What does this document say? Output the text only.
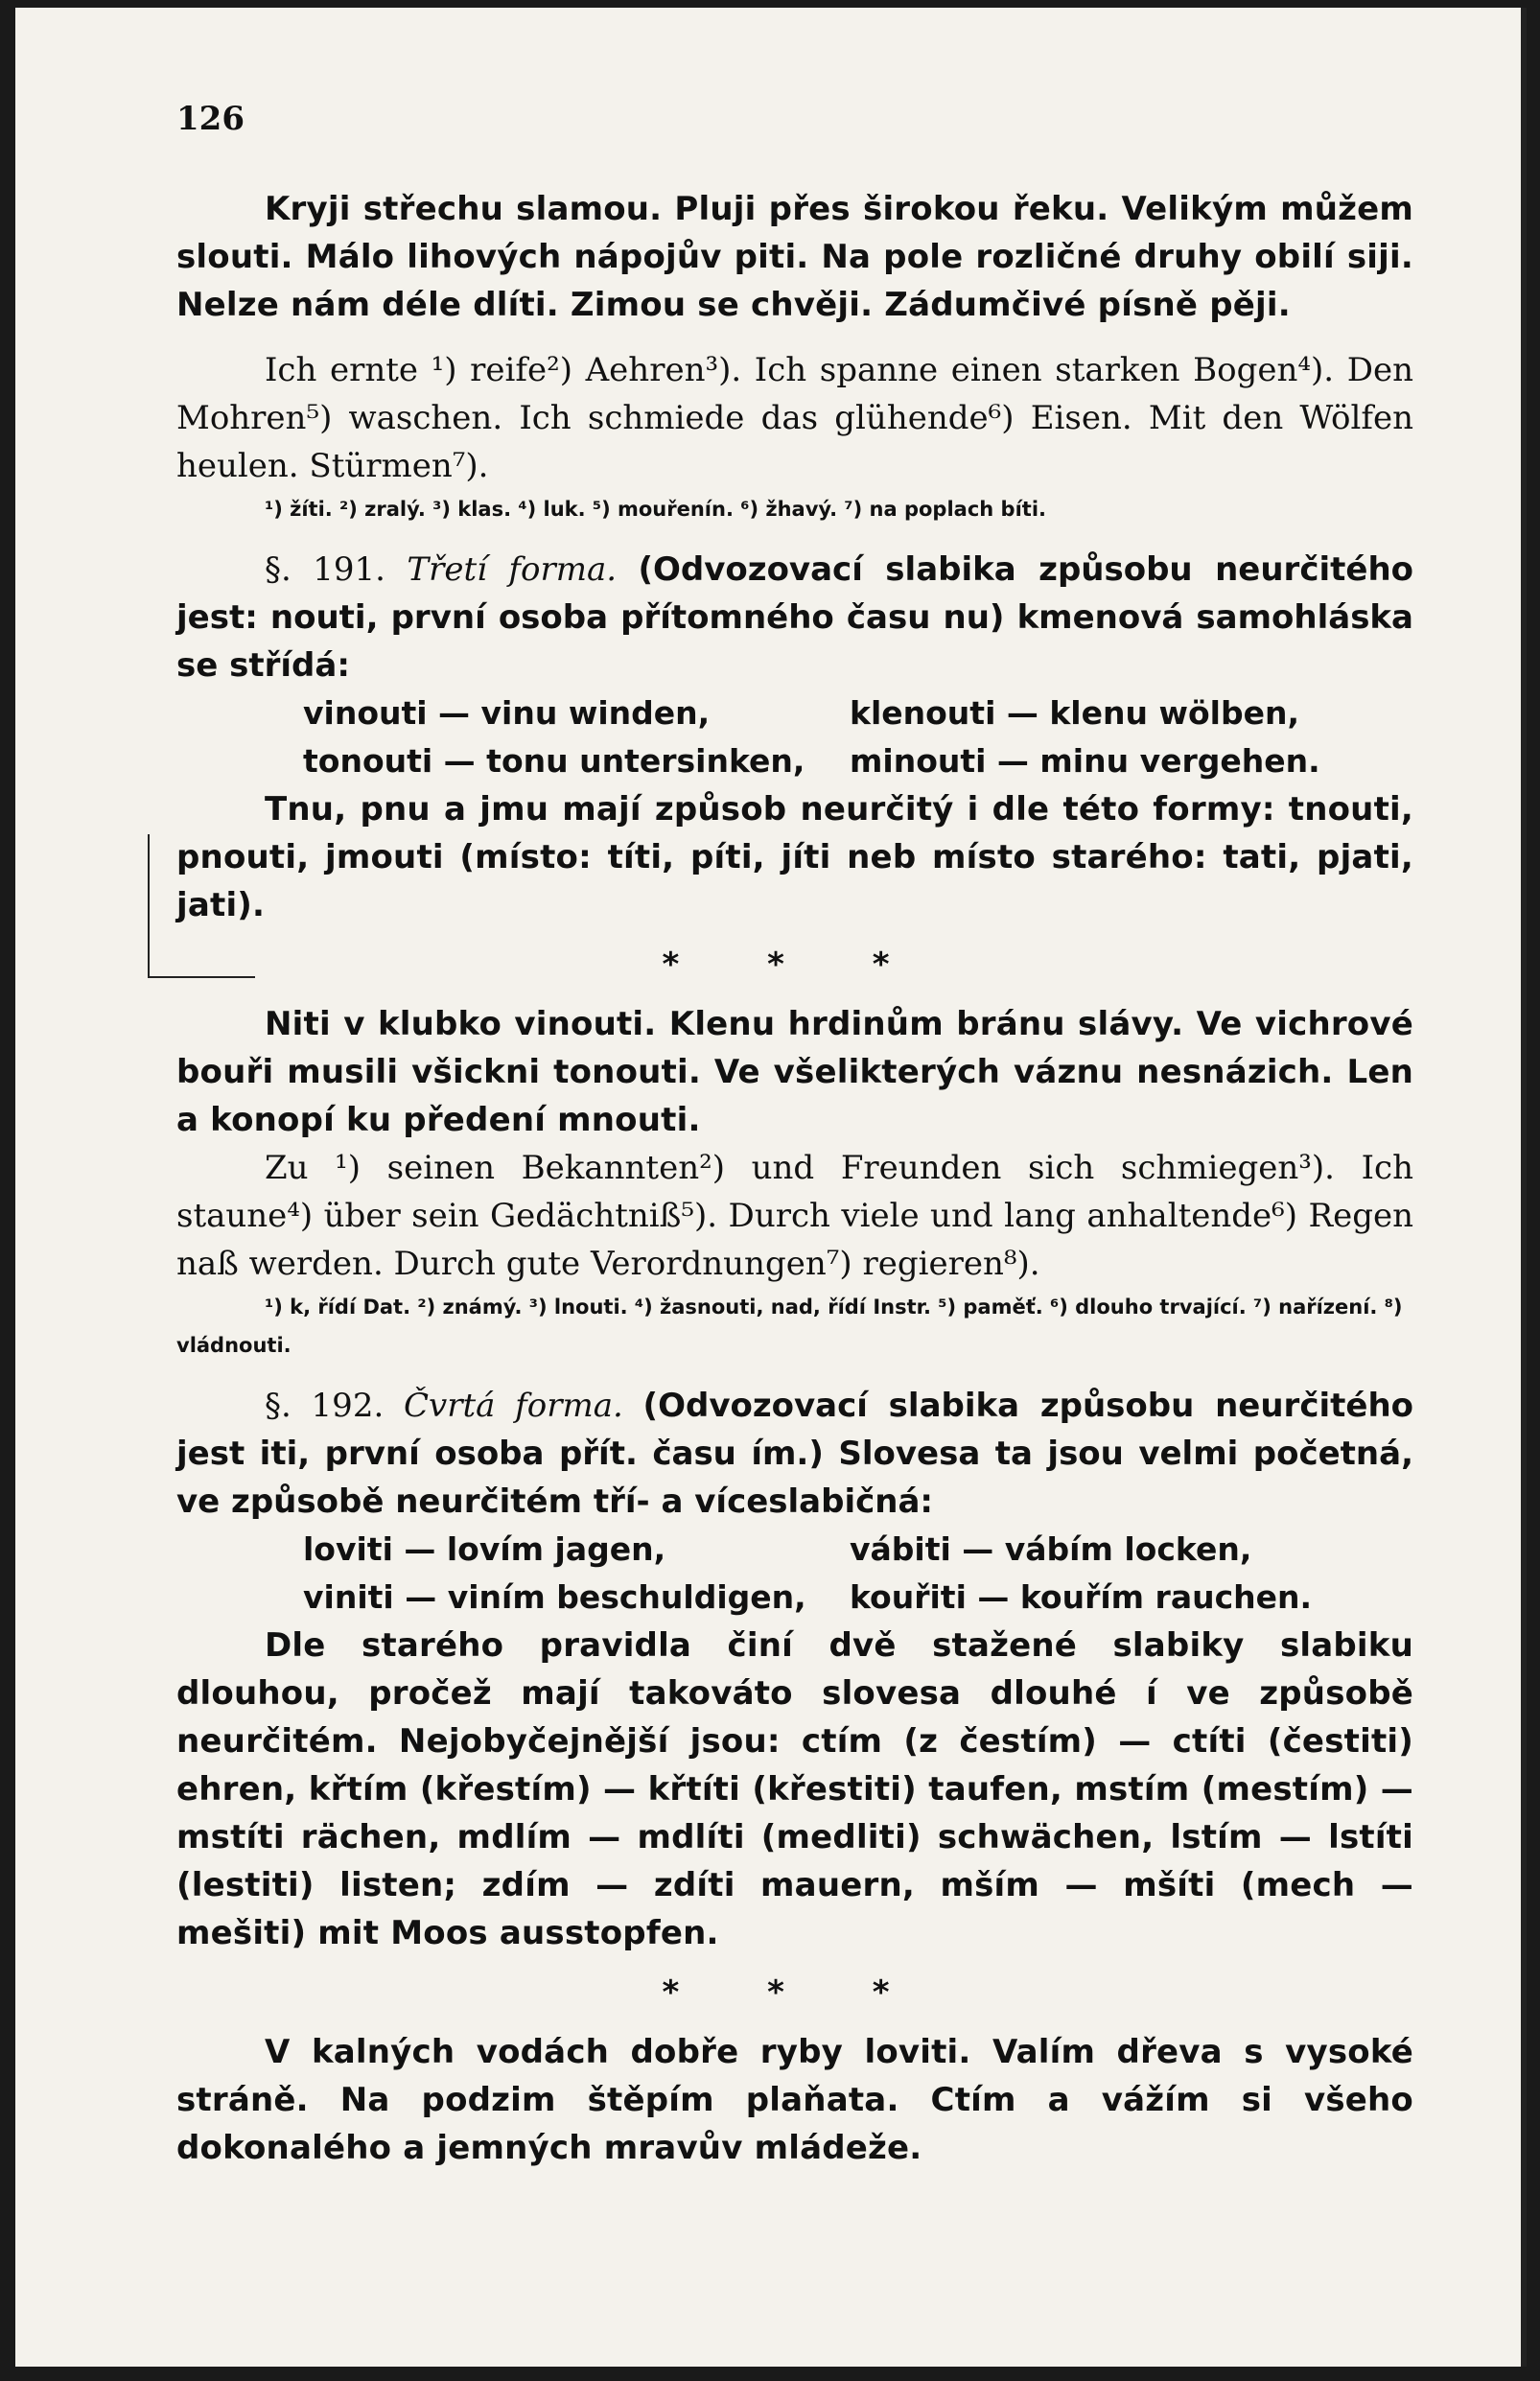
126

Kryji střechu slamou. Pluji přes širokou řeku. Velikým můžem slouti. Málo lihových nápojův piti. Na pole rozličné druhy obilí siji. Nelze nám déle dlíti. Zimou se chvěji. Zádumčivé písně pěji.

Ich ernte ¹) reife²) Aehren³). Ich spanne einen starken Bogen⁴). Den Mohren⁵) waschen. Ich schmiede das glühende⁶) Eisen. Mit den Wölfen heulen. Stürmen⁷).

¹) žíti. ²) zralý. ³) klas. ⁴) luk. ⁵) mouřenín. ⁶) žhavý. ⁷) na poplach bíti.

§. 191. Třetí forma. (Odvozovací slabika způsobu neurčitého jest: nouti, první osoba přítomného času nu) kmenová samohláska se střídá:

vinouti — vinu winden,	klenouti — klenu wölben,
tonouti — tonu untersinken,	minouti — minu vergehen.

Tnu, pnu a jmu mají způsob neurčitý i dle této formy: tnouti, pnouti, jmouti (místo: títi, píti, jíti neb místo starého: tati, pjati, jati).

* * *

Niti v klubko vinouti. Klenu hrdinům bránu slávy. Ve vichrové bouři musili všickni tonouti. Ve všelikterých váznu nesnázich. Len a konopí ku předení mnouti.

Zu ¹) seinen Bekannten²) und Freunden sich schmiegen³). Ich staune⁴) über sein Gedächtniß⁵). Durch viele und lang anhaltende⁶) Regen naß werden. Durch gute Verordnungen⁷) regieren⁸).

¹) k, řídí Dat. ²) známý. ³) lnouti. ⁴) žasnouti, nad, řídí Instr. ⁵) paměť. ⁶) dlouho trvající. ⁷) nařízení. ⁸) vládnouti.

§. 192. Čvrtá forma. (Odvozovací slabika způsobu neurčitého jest iti, první osoba přít. času ím.) Slovesa ta jsou velmi početná, ve způsobě neurčitém tří- a víceslabičná:

loviti — lovím jagen,	vábiti — vábím locken,
viniti — viním beschuldigen,	kouřiti — kouřím rauchen.

Dle starého pravidla činí dvě stažené slabiky slabiku dlouhou, pročež mají takováto slovesa dlouhé í ve způsobě neurčitém. Nejobyčejnější jsou: ctím (z čestím) — ctíti (čestiti) ehren, křtím (křestím) — křtíti (křestiti) taufen, mstím (mestím) — mstíti rächen, mdlím — mdlíti (medliti) schwächen, lstím — lstíti (lestiti) listen; zdím — zdíti mauern, mším — mšíti (mech — mešiti) mit Moos ausstopfen.

* * *

V kalných vodách dobře ryby loviti. Valím dřeva s vysoké stráně. Na podzim štěpím plaňata. Ctím a vážím si všeho dokonalého a jemných mravův mládeže.
